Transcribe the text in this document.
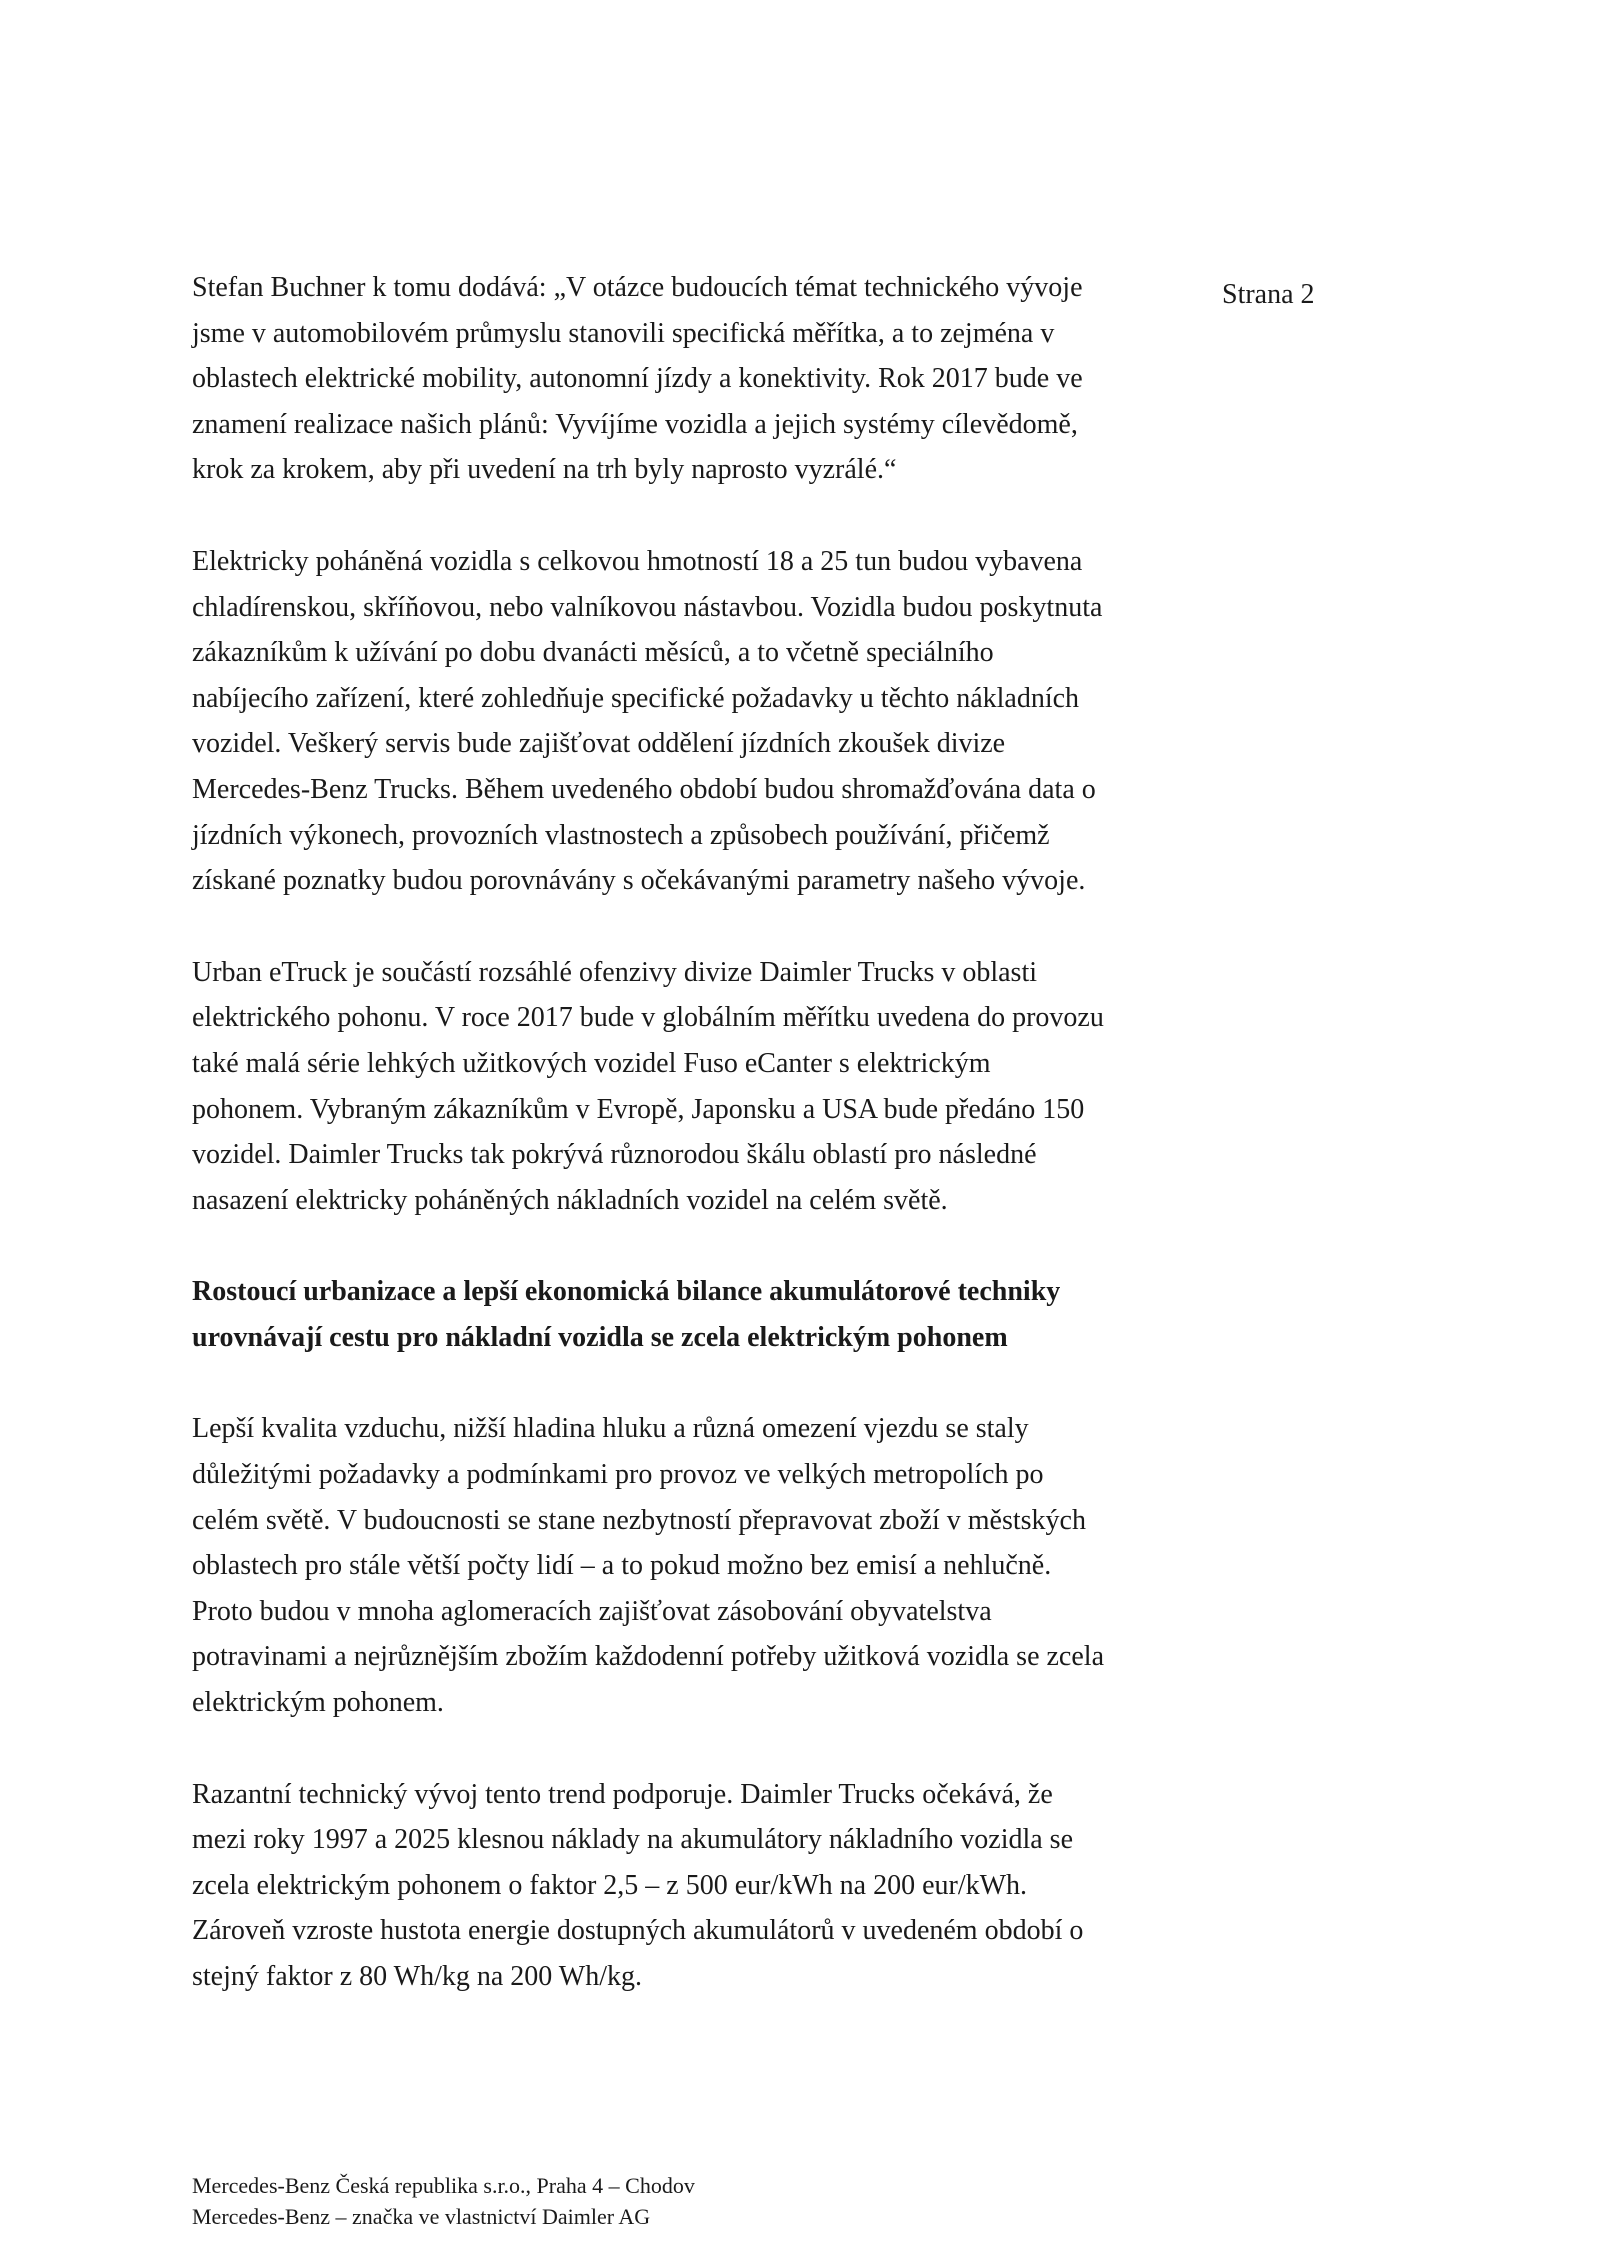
Strana 2

Stefan Buchner k tomu dodává: „V otázce budoucích témat technického vývoje
jsme v automobilovém průmyslu stanovili specifická měřítka, a to zejména v
oblastech elektrické mobility, autonomní jízdy a konektivity. Rok 2017 bude ve
znamení realizace našich plánů: Vyvíjíme vozidla a jejich systémy cílevědomě,
krok za krokem, aby při uvedení na trh byly naprosto vyzrálé.“

Elektricky poháněná vozidla s celkovou hmotností 18 a 25 tun budou vybavena
chladírenskou, skříňovou, nebo valníkovou nástavbou. Vozidla budou poskytnuta
zákazníkům k užívání po dobu dvanácti měsíců, a to včetně speciálního
nabíjecího zařízení, které zohledňuje specifické požadavky u těchto nákladních
vozidel. Veškerý servis bude zajišťovat oddělení jízdních zkoušek divize
Mercedes-Benz Trucks. Během uvedeného období budou shromažďována data o
jízdních výkonech, provozních vlastnostech a způsobech používání, přičemž
získané poznatky budou porovnávány s očekávanými parametry našeho vývoje.

Urban eTruck je součástí rozsáhlé ofenzivy divize Daimler Trucks v oblasti
elektrického pohonu. V roce 2017 bude v globálním měřítku uvedena do provozu
také malá série lehkých užitkových vozidel Fuso eCanter s elektrickým
pohonem. Vybraným zákazníkům v Evropě, Japonsku a USA bude předáno 150
vozidel. Daimler Trucks tak pokrývá různorodou škálu oblastí pro následné
nasazení elektricky poháněných nákladních vozidel na celém světě.

Rostoucí urbanizace a lepší ekonomická bilance akumulátorové techniky
urovnávají cestu pro nákladní vozidla se zcela elektrickým pohonem

Lepší kvalita vzduchu, nižší hladina hluku a různá omezení vjezdu se staly
důležitými požadavky a podmínkami pro provoz ve velkých metropolích po
celém světě. V budoucnosti se stane nezbytností přepravovat zboží v městských
oblastech pro stále větší počty lidí – a to pokud možno bez emisí a nehlučně.
Proto budou v mnoha aglomeracích zajišťovat zásobování obyvatelstva
potravinami a nejrůznějším zbožím každodenní potřeby užitková vozidla se zcela
elektrickým pohonem.

Razantní technický vývoj tento trend podporuje. Daimler Trucks očekává, že
mezi roky 1997 a 2025 klesnou náklady na akumulátory nákladního vozidla se
zcela elektrickým pohonem o faktor 2,5 – z 500 eur/kWh na 200 eur/kWh.
Zároveň vzroste hustota energie dostupných akumulátorů v uvedeném období o
stejný faktor z 80 Wh/kg na 200 Wh/kg.

Mercedes-Benz Česká republika s.r.o., Praha 4 – Chodov
Mercedes-Benz – značka ve vlastnictví Daimler AG
